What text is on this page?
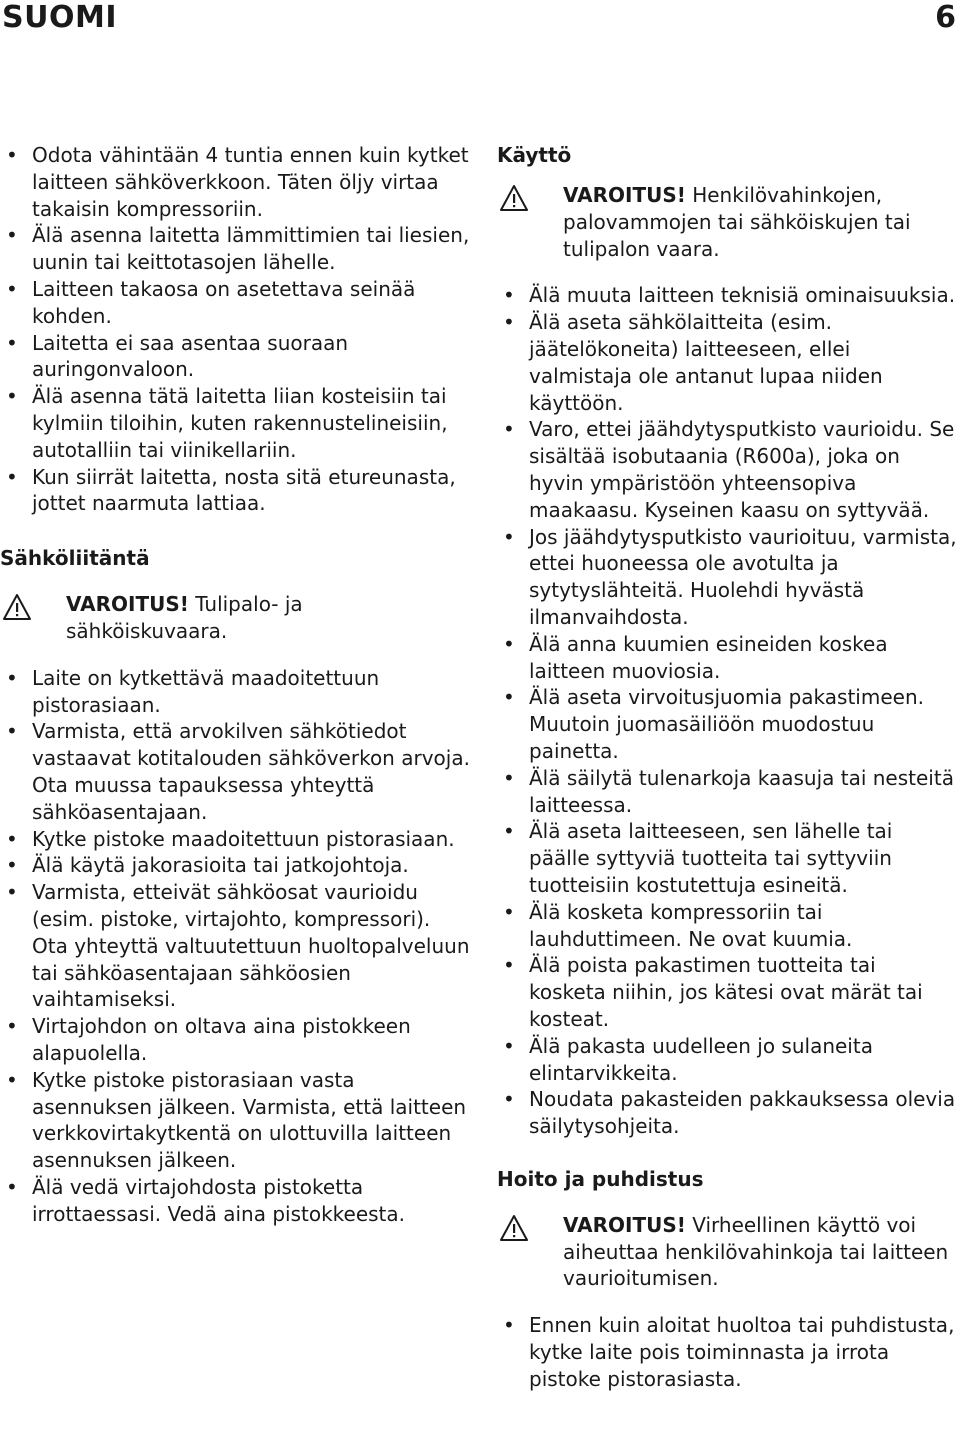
SUOMI	6
• Odota vähintään 4 tuntia ennen kuin kytket laitteen sähköverkkoon. Täten öljy virtaa takaisin kompressoriin.
• Älä asenna laitetta lämmittimien tai liesien, uunin tai keittotasojen lähelle.
• Laitteen takaosa on asetettava seinää kohden.
• Laitetta ei saa asentaa suoraan auringonvaloon.
• Älä asenna tätä laitetta liian kosteisiin tai kylmiin tiloihin, kuten rakennustelineisiin, autotalliin tai viinikellariin.
• Kun siirrät laitetta, nosta sitä etureunasta, jottet naarmuta lattiaa.
Sähköliitäntä
VAROITUS! Tulipalo- ja sähköiskuvaara.
• Laite on kytkettävä maadoitettuun pistorasiaan.
• Varmista, että arvokilven sähkötiedot vastaavat kotitalouden sähköverkon arvoja. Ota muussa tapauksessa yhteyttä sähköasentajaan.
• Kytke pistoke maadoitettuun pistorasiaan.
• Älä käytä jakorasioita tai jatkojohtoja.
• Varmista, etteivät sähköosat vaurioidu (esim. pistoke, virtajohto, kompressori). Ota yhteyttä valtuutettuun huoltopalveluun tai sähköasentajaan sähköosien vaihtamiseksi.
• Virtajohdon on oltava aina pistokkeen alapuolella.
• Kytke pistoke pistorasiaan vasta asennuksen jälkeen. Varmista, että laitteen verkkovirtakytkentä on ulottuvilla laitteen asennuksen jälkeen.
• Älä vedä virtajohdosta pistoketta irrottaessasi. Vedä aina pistokkeesta.
Käyttö
VAROITUS! Henkilövahinkojen, palovammojen tai sähköiskujen tai tulipalon vaara.
• Älä muuta laitteen teknisiä ominaisuuksia.
• Älä aseta sähkölaitteita (esim. jäätelökoneita) laitteeseen, ellei valmistaja ole antanut lupaa niiden käyttöön.
• Varo, ettei jäähdytysputkisto vaurioidu. Se sisältää isobutaania (R600a), joka on hyvin ympäristöön yhteensopiva maakaasu. Kyseinen kaasu on syttyvää.
• Jos jäähdytysputkisto vaurioituu, varmista, ettei huoneessa ole avotulta ja sytytyslähteitä. Huolehdi hyvästä ilmanvaihdosta.
• Älä anna kuumien esineiden koskea laitteen muoviosia.
• Älä aseta virvoitusjuomia pakastimeen. Muutoin juomasäiliöön muodostuu painetta.
• Älä säilytä tulenarkoja kaasuja tai nesteitä laitteessa.
• Älä aseta laitteeseen, sen lähelle tai päälle syttyviä tuotteita tai syttyviin tuotteisiin kostutettuja esineitä.
• Älä kosketa kompressoriin tai lauhduttimeen. Ne ovat kuumia.
• Älä poista pakastimen tuotteita tai kosketa niihin, jos kätesi ovat märät tai kosteat.
• Älä pakasta uudelleen jo sulaneita elintarvikkeita.
• Noudata pakasteiden pakkauksessa olevia säilytysohjeita.
Hoito ja puhdistus
VAROITUS! Virheellinen käyttö voi aiheuttaa henkilövahinkoja tai laitteen vaurioitumisen.
• Ennen kuin aloitat huoltoa tai puhdistusta, kytke laite pois toiminnasta ja irrota pistoke pistorasiasta.
